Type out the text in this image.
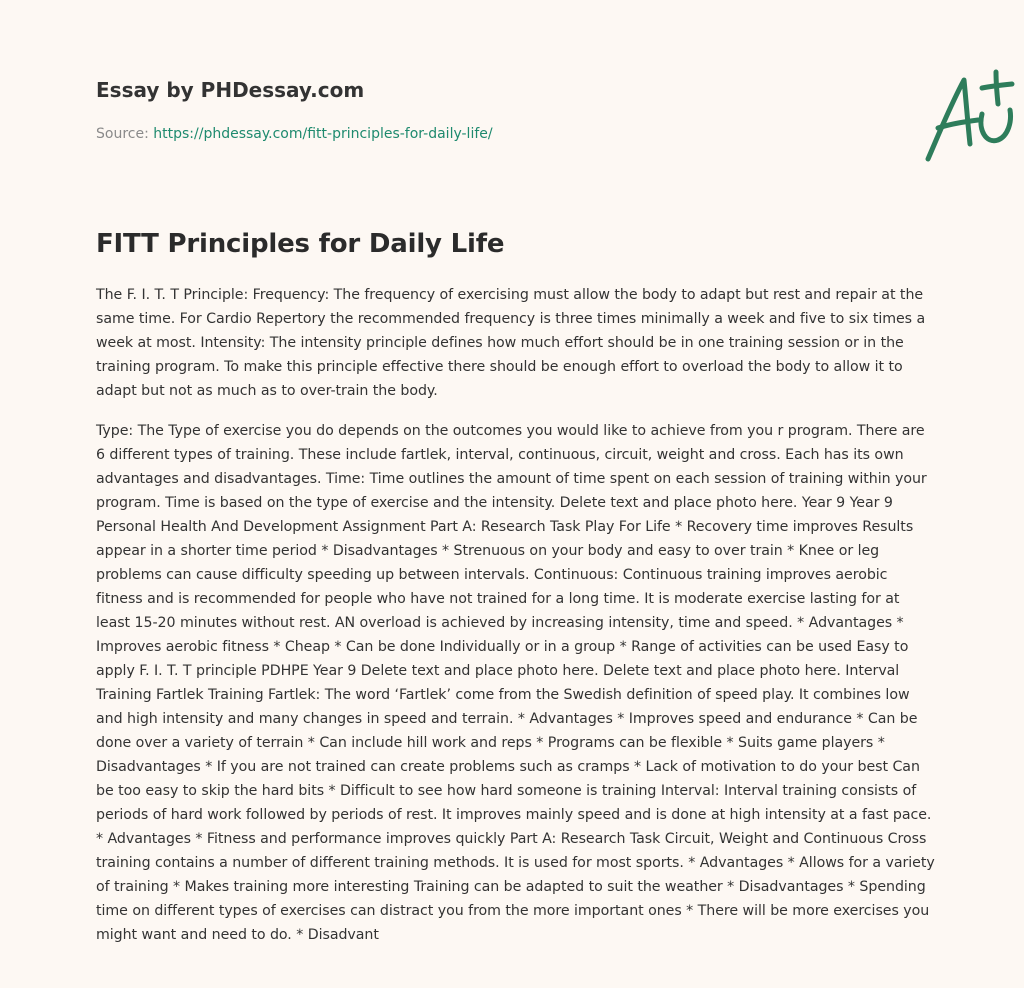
Essay by PHDessay.com
Source: https://phdessay.com/fitt-principles-for-daily-life/
FITT Principles for Daily Life

The F. I. T. T Principle: Frequency: The frequency of exercising must allow the body to adapt but rest and repair at the same time. For Cardio Repertory the recommended frequency is three times minimally a week and five to six times a week at most. Intensity: The intensity principle defines how much effort should be in one training session or in the training program. To make this principle effective there should be enough effort to overload the body to allow it to adapt but not as much as to over-train the body.

Type: The Type of exercise you do depends on the outcomes you would like to achieve from you r program. There are 6 different types of training. These include fartlek, interval, continuous, circuit, weight and cross. Each has its own advantages and disadvantages. Time: Time outlines the amount of time spent on each session of training within your program. Time is based on the type of exercise and the intensity. Delete text and place photo here. Year 9 Year 9 Personal Health And Development Assignment Part A: Research Task Play For Life * Recovery time improves Results appear in a shorter time period * Disadvantages * Strenuous on your body and easy to over train * Knee or leg problems can cause difficulty speeding up between intervals. Continuous: Continuous training improves aerobic fitness and is recommended for people who have not trained for a long time. It is moderate exercise lasting for at least 15-20 minutes without rest. AN overload is achieved by increasing intensity, time and speed. * Advantages * Improves aerobic fitness * Cheap * Can be done Individually or in a group * Range of activities can be used Easy to apply F. I. T. T principle PDHPE Year 9 Delete text and place photo here. Delete text and place photo here. Interval Training Fartlek Training Fartlek: The word ‘Fartlek’ come from the Swedish definition of speed play. It combines low and high intensity and many changes in speed and terrain. * Advantages * Improves speed and endurance * Can be done over a variety of terrain * Can include hill work and reps * Programs can be flexible * Suits game players * Disadvantages * If you are not trained can create problems such as cramps * Lack of motivation to do your best Can be too easy to skip the hard bits * Difficult to see how hard someone is training Interval: Interval training consists of periods of hard work followed by periods of rest. It improves mainly speed and is done at high intensity at a fast pace. * Advantages * Fitness and performance improves quickly Part A: Research Task Circuit, Weight and Continuous Cross training contains a number of different training methods. It is used for most sports. * Advantages * Allows for a variety of training * Makes training more interesting Training can be adapted to suit the weather * Disadvantages * Spending time on different types of exercises can distract you from the more important ones * There will be more exercises you might want and need to do. * Disadvant
